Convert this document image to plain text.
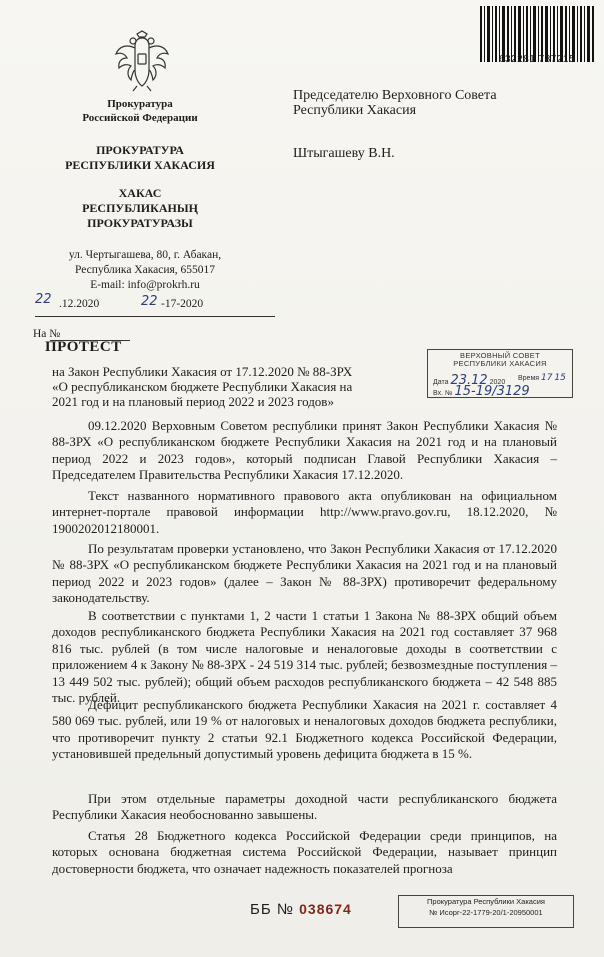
Прокуратура
Российской Федерации
ПРОКУРАТУРА
РЕСПУБЛИКИ ХАКАСИЯ
ХАКАС
РЕСПУБЛИКАНЫҢ
ПРОКУРАТУРАЗЫ
ул. Чертыгашева, 80, г. Абакан,
Республика Хакасия, 655017
E-mail: info@prokrh.ru
22 .12.2020	22 -17-2020
На №
632281 737215
Председателю Верховного Совета
Республики Хакасия
Штыгашеву В.Н.
ПРОТЕСТ
на Закон Республики Хакасия от 17.12.2020 № 88-ЗРХ
«О республиканском бюджете Республики Хакасия на
2021 год и на плановый период 2022 и 2023 годов»
ВЕРХОВНЫЙ СОВЕТ
РЕСПУБЛИКИ ХАКАСИЯ
Дата 23.12 2020
Время 17 15
Вх. № 15-19/3129
09.12.2020 Верховным Советом республики принят Закон Республики Хакасия № 88-ЗРХ «О республиканском бюджете Республики Хакасия на 2021 год и на плановый период 2022 и 2023 годов», который подписан Главой Республики Хакасия – Председателем Правительства Республики Хакасия 17.12.2020.
Текст названного нормативного правового акта опубликован на официальном интернет-портале правовой информации http://www.pravo.gov.ru, 18.12.2020, № 1900202012180001.
По результатам проверки установлено, что Закон Республики Хакасия от 17.12.2020 № 88-ЗРХ «О республиканском бюджете Республики Хакасия на 2021 год и на плановый период 2022 и 2023 годов» (далее – Закон № 88-ЗРХ) противоречит федеральному законодательству.
В соответствии с пунктами 1, 2 части 1 статьи 1 Закона № 88-ЗРХ общий объем доходов республиканского бюджета Республики Хакасия на 2021 год составляет 37 968 816 тыс. рублей (в том числе налоговые и неналоговые доходы в соответствии с приложением 4 к Закону № 88-ЗРХ - 24 519 314 тыс. рублей; безвозмездные поступления – 13 449 502 тыс. рублей); общий объем расходов республиканского бюджета – 42 548 885 тыс. рублей.
Дефицит республиканского бюджета Республики Хакасия на 2021 г. составляет 4 580 069 тыс. рублей, или 19 % от налоговых и неналоговых доходов бюджета республики, что противоречит пункту 2 статьи 92.1 Бюджетного кодекса Российской Федерации, установившей предельный допустимый уровень дефицита бюджета в 15 %.
При этом отдельные параметры доходной части республиканского бюджета Республики Хакасия необоснованно завышены.
Статья 28 Бюджетного кодекса Российской Федерации среди принципов, на которых основана бюджетная система Российской Федерации, называет принцип достоверности бюджета, что означает надежность показателей прогноза
ББ № 038674	Прокуратура Республики Хакасия
№ Исорг-22-1779-20/1-20950001
